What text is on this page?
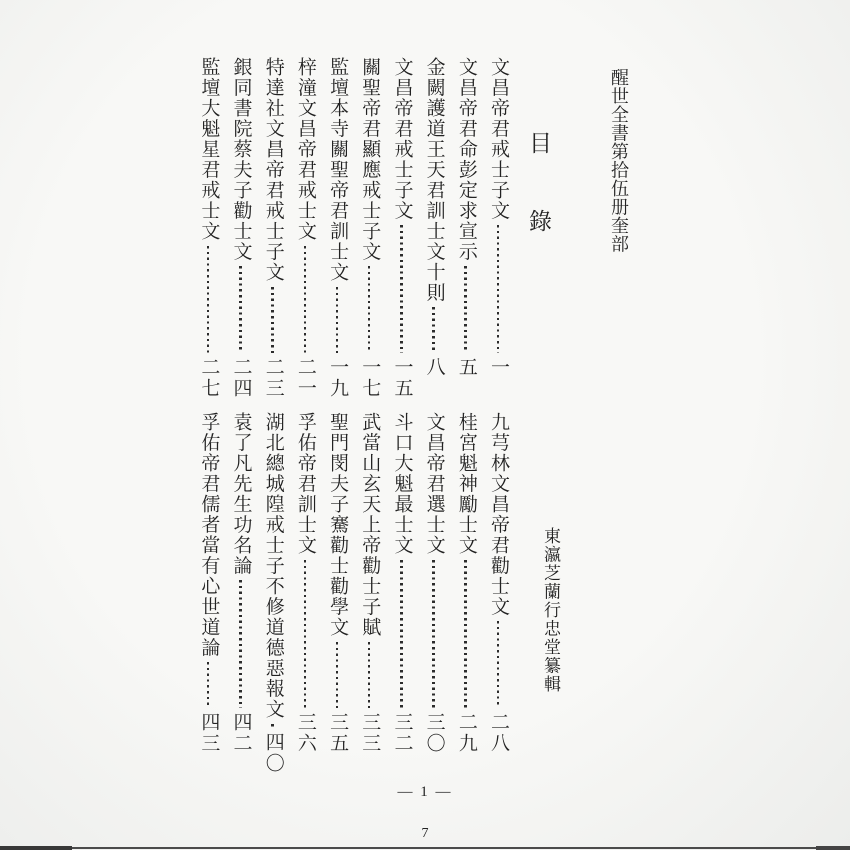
醒世全書第拾伍册奎部
目 錄
文昌帝君戒士子文
一
文昌帝君命彭定求宣示
五
金闕護道王天君訓士文十則
八
文昌帝君戒士子文
一五
關聖帝君顯應戒士子文
一七
監壇本寺關聖帝君訓士文
一九
梓潼文昌帝君戒士文
二一
特達社文昌帝君戒士子文
二三
銀同書院蔡夫子勸士文
二四
監壇大魁星君戒士文
二七
東瀛芝蘭行忠堂纂輯
九芎林文昌帝君勸士文
二八
桂宮魁神勵士文
二九
文昌帝君選士文
三〇
斗口大魁最士文
三二
武當山玄天上帝勸士子賦
三三
聖門閔夫子騫勸士勸學文
三五
孚佑帝君訓士文
三六
湖北總城隍戒士子不修道德惡報文
四〇
袁了凡先生功名論
四二
孚佑帝君儒者當有心世道論
四三
— 1 —
7
